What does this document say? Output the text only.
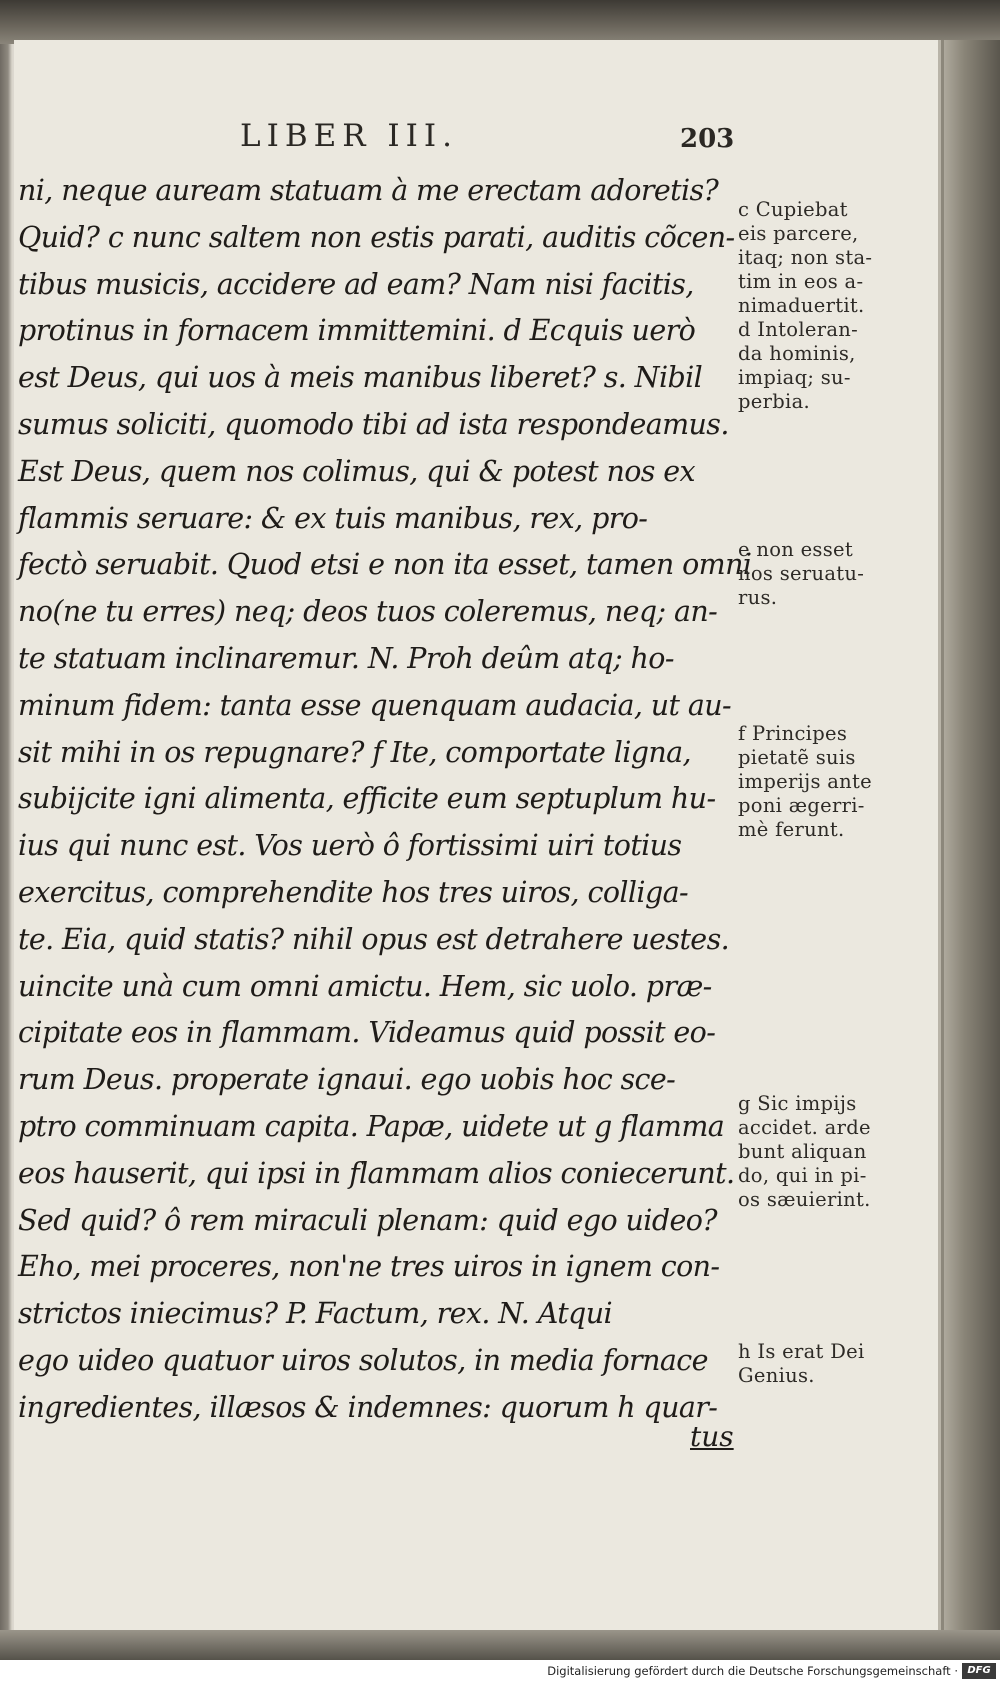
LIBER III.	203
ni, neque auream statuam à me erectam adoretis?
Quid? c nunc saltem non estis parati, auditis cõcen-
tibus musicis, accidere ad eam? Nam nisi facitis,
protinus in fornacem immittemini. d Ecquis uerò
est Deus, qui uos à meis manibus liberet? s. Nibil
sumus soliciti, quomodo tibi ad ista respondeamus.
Est Deus, quem nos colimus, qui & potest nos ex
flammis seruare: & ex tuis manibus, rex, pro-
fectò seruabit. Quod etsi e non ita esset, tamen omni
no(ne tu erres) neq; deos tuos coleremus, neq; an-
te statuam inclinaremur. N. Proh deûm atq; ho-
minum fidem: tanta esse quenquam audacia, ut au-
sit mihi in os repugnare? f Ite, comportate ligna,
subijcite igni alimenta, efficite eum septuplum hu-
ius qui nunc est. Vos uerò ô fortissimi uiri totius
exercitus, comprehendite hos tres uiros, colliga-
te. Eia, quid statis? nihil opus est detrahere uestes.
uincite unà cum omni amictu. Hem, sic uolo. præ-
cipitate eos in flammam. Videamus quid possit eo-
rum Deus. properate ignaui. ego uobis hoc sce-
ptro comminuam capita. Papæ, uidete ut g flamma
eos hauserit, qui ipsi in flammam alios coniecerunt.
Sed quid? ô rem miraculi plenam: quid ego uideo?
Eho, mei proceres, non'ne tres uiros in ignem con-
strictos iniecimus? P. Factum, rex. N. Atqui
ego uideo quatuor uiros solutos, in media fornace
ingredientes, illæsos & indemnes: quorum h quar-
c Cupiebat
eis parcere,
itaq; non sta-
tim in eos a-
nimaduertit.
d Intoleran-
da hominis,
impiaq; su-
perbia.
e non esset
nos seruatu-
rus.
f Principes
pietatẽ suis
imperijs ante
poni ægerri-
mè ferunt.
g Sic impijs
accidet. arde
bunt aliquan
do, qui in pi-
os sæuierint.
h Is erat Dei
Genius.
tus
Digitalisierung gefördert durch die Deutsche Forschungsgemeinschaft · DFG
